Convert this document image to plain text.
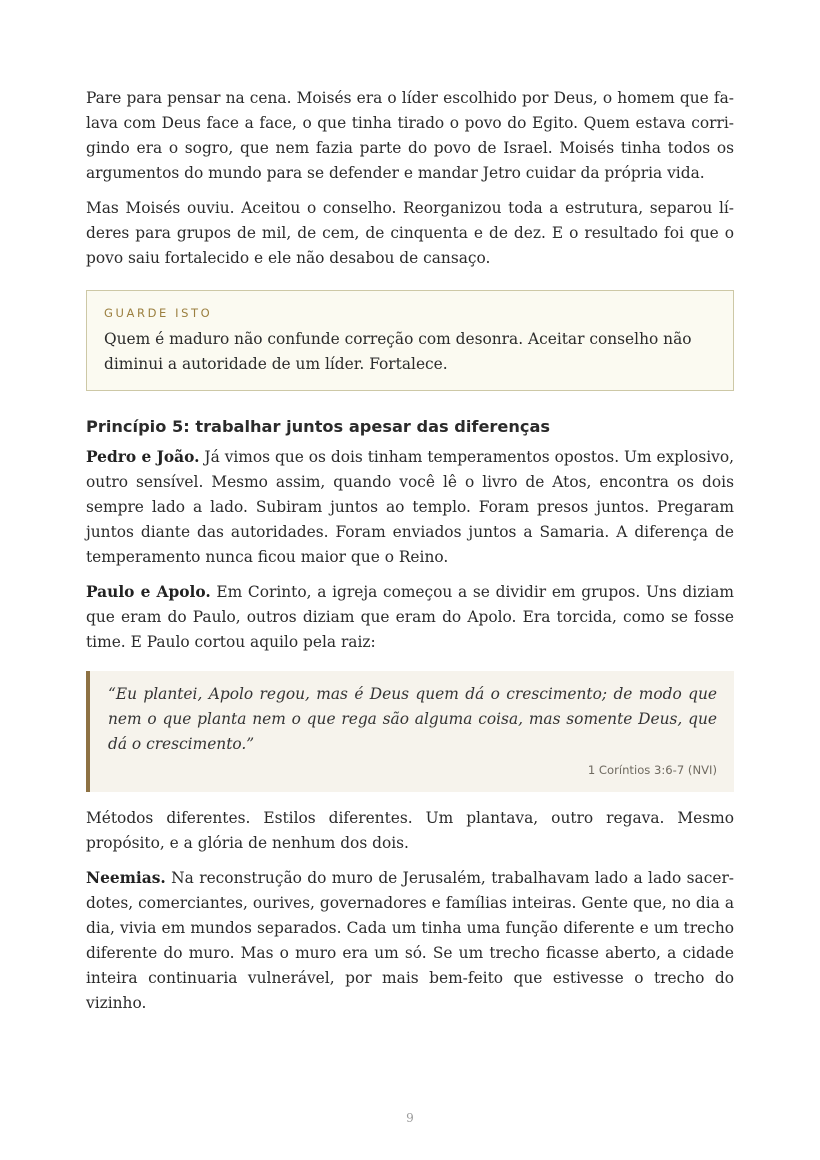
Pare para pensar na cena. Moisés era o líder escolhido por Deus, o homem que falava com Deus face a face, o que tinha tirado o povo do Egito. Quem estava corrigindo era o sogro, que nem fazia parte do povo de Israel. Moisés tinha todos os argumentos do mundo para se defender e mandar Jetro cuidar da própria vida.

Mas Moisés ouviu. Aceitou o conselho. Reorganizou toda a estrutura, separou líderes para grupos de mil, de cem, de cinquenta e de dez. E o resultado foi que o povo saiu fortalecido e ele não desabou de cansaço.

GUARDE ISTO

Quem é maduro não confunde correção com desonra. Aceitar conselho não diminui a autoridade de um líder. Fortalece.

Princípio 5: trabalhar juntos apesar das diferenças

Pedro e João. Já vimos que os dois tinham temperamentos opostos. Um explosivo, outro sensível. Mesmo assim, quando você lê o livro de Atos, encontra os dois sempre lado a lado. Subiram juntos ao templo. Foram presos juntos. Pregaram juntos diante das autoridades. Foram enviados juntos a Samaria. A diferença de temperamento nunca ficou maior que o Reino.

Paulo e Apolo. Em Corinto, a igreja começou a se dividir em grupos. Uns diziam que eram do Paulo, outros diziam que eram do Apolo. Era torcida, como se fosse time. E Paulo cortou aquilo pela raiz:

“Eu plantei, Apolo regou, mas é Deus quem dá o crescimento; de modo que nem o que planta nem o que rega são alguma coisa, mas somente Deus, que dá o crescimento.”

1 Coríntios 3:6-7 (NVI)

Métodos diferentes. Estilos diferentes. Um plantava, outro regava. Mesmo propósito, e a glória de nenhum dos dois.

Neemias. Na reconstrução do muro de Jerusalém, trabalhavam lado a lado sacerdotes, comerciantes, ourives, governadores e famílias inteiras. Gente que, no dia a dia, vivia em mundos separados. Cada um tinha uma função diferente e um trecho diferente do muro. Mas o muro era um só. Se um trecho ficasse aberto, a cidade inteira continuaria vulnerável, por mais bem-feito que estivesse o trecho do vizinho.

9
